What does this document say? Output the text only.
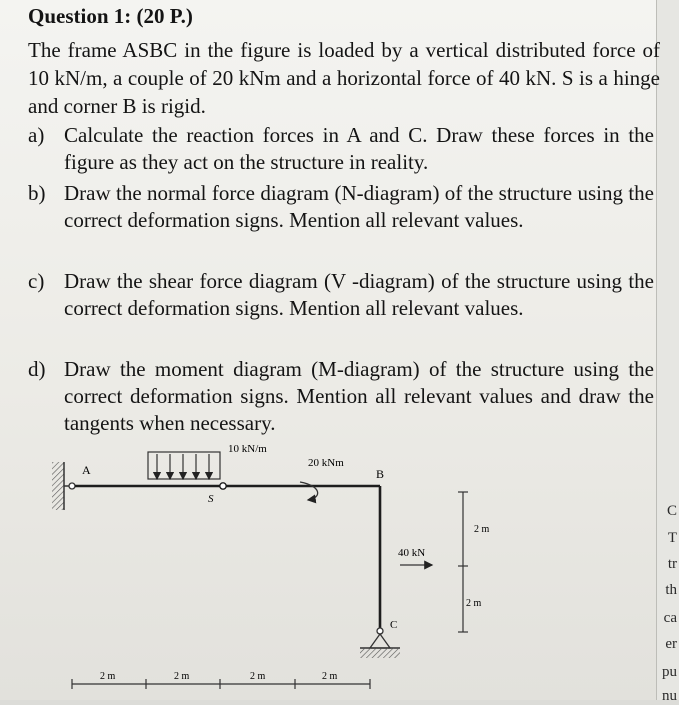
C
T
tr
th
ca
er
pu
nu
Question 1: (20 P.)
The frame ASBC in the figure is loaded by a vertical distributed force of 10 kN/m, a couple of 20 kNm and a horizontal force of 40 kN. S is a hinge and corner B is rigid.
a) Calculate the reaction forces in A and C. Draw these forces in the figure as they act on the structure in reality.
b) Draw the normal force diagram (N-diagram) of the structure using the correct deformation signs. Mention all relevant values.
c) Draw the shear force diagram (V -diagram) of the structure using the correct deformation signs. Mention all relevant values.
d) Draw the moment diagram (M-diagram) of the structure using the correct deformation signs. Mention all relevant values and draw the tangents when necessary.
10 kN/m
20 kNm
40 kN
A
S
B
C
2 m
2 m
2 m	2 m	2 m	2 m
